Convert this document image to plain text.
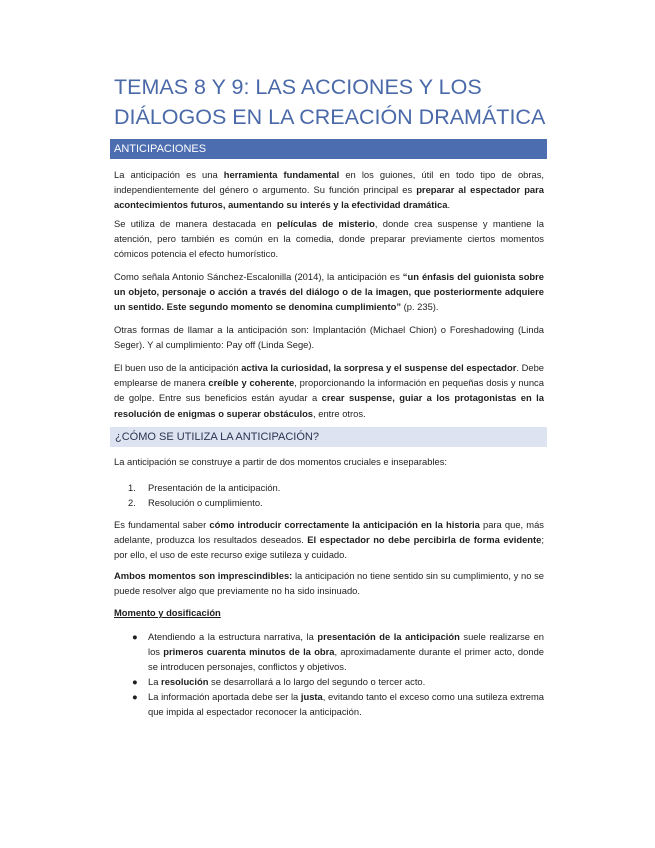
TEMAS 8 Y 9: LAS ACCIONES Y LOS DIÁLOGOS EN LA CREACIÓN DRAMÁTICA
ANTICIPACIONES

La anticipación es una herramienta fundamental en los guiones, útil en todo tipo de obras, independientemente del género o argumento. Su función principal es preparar al espectador para acontecimientos futuros, aumentando su interés y la efectividad dramática.

Se utiliza de manera destacada en películas de misterio, donde crea suspense y mantiene la atención, pero también es común en la comedia, donde preparar previamente ciertos momentos cómicos potencia el efecto humorístico.

Como señala Antonio Sánchez-Escalonilla (2014), la anticipación es “un énfasis del guionista sobre un objeto, personaje o acción a través del diálogo o de la imagen, que posteriormente adquiere un sentido. Este segundo momento se denomina cumplimiento” (p. 235).

Otras formas de llamar a la anticipación son: Implantación (Michael Chion) o Foreshadowing (Linda Seger). Y al cumplimiento: Pay off (Linda Sege).

El buen uso de la anticipación activa la curiosidad, la sorpresa y el suspense del espectador. Debe emplearse de manera creíble y coherente, proporcionando la información en pequeñas dosis y nunca de golpe. Entre sus beneficios están ayudar a crear suspense, guiar a los protagonistas en la resolución de enigmas o superar obstáculos, entre otros.

¿CÓMO SE UTILIZA LA ANTICIPACIÓN?

La anticipación se construye a partir de dos momentos cruciales e inseparables:

1. Presentación de la anticipación.
2. Resolución o cumplimiento.

Es fundamental saber cómo introducir correctamente la anticipación en la historia para que, más adelante, produzca los resultados deseados. El espectador no debe percibirla de forma evidente; por ello, el uso de este recurso exige sutileza y cuidado.

Ambos momentos son imprescindibles: la anticipación no tiene sentido sin su cumplimiento, y no se puede resolver algo que previamente no ha sido insinuado.

Momento y dosificación
● Atendiendo a la estructura narrativa, la presentación de la anticipación suele realizarse en los primeros cuarenta minutos de la obra, aproximadamente durante el primer acto, donde se introducen personajes, conflictos y objetivos.
● La resolución se desarrollará a lo largo del segundo o tercer acto.
● La información aportada debe ser la justa, evitando tanto el exceso como una sutileza extrema que impida al espectador reconocer la anticipación.
